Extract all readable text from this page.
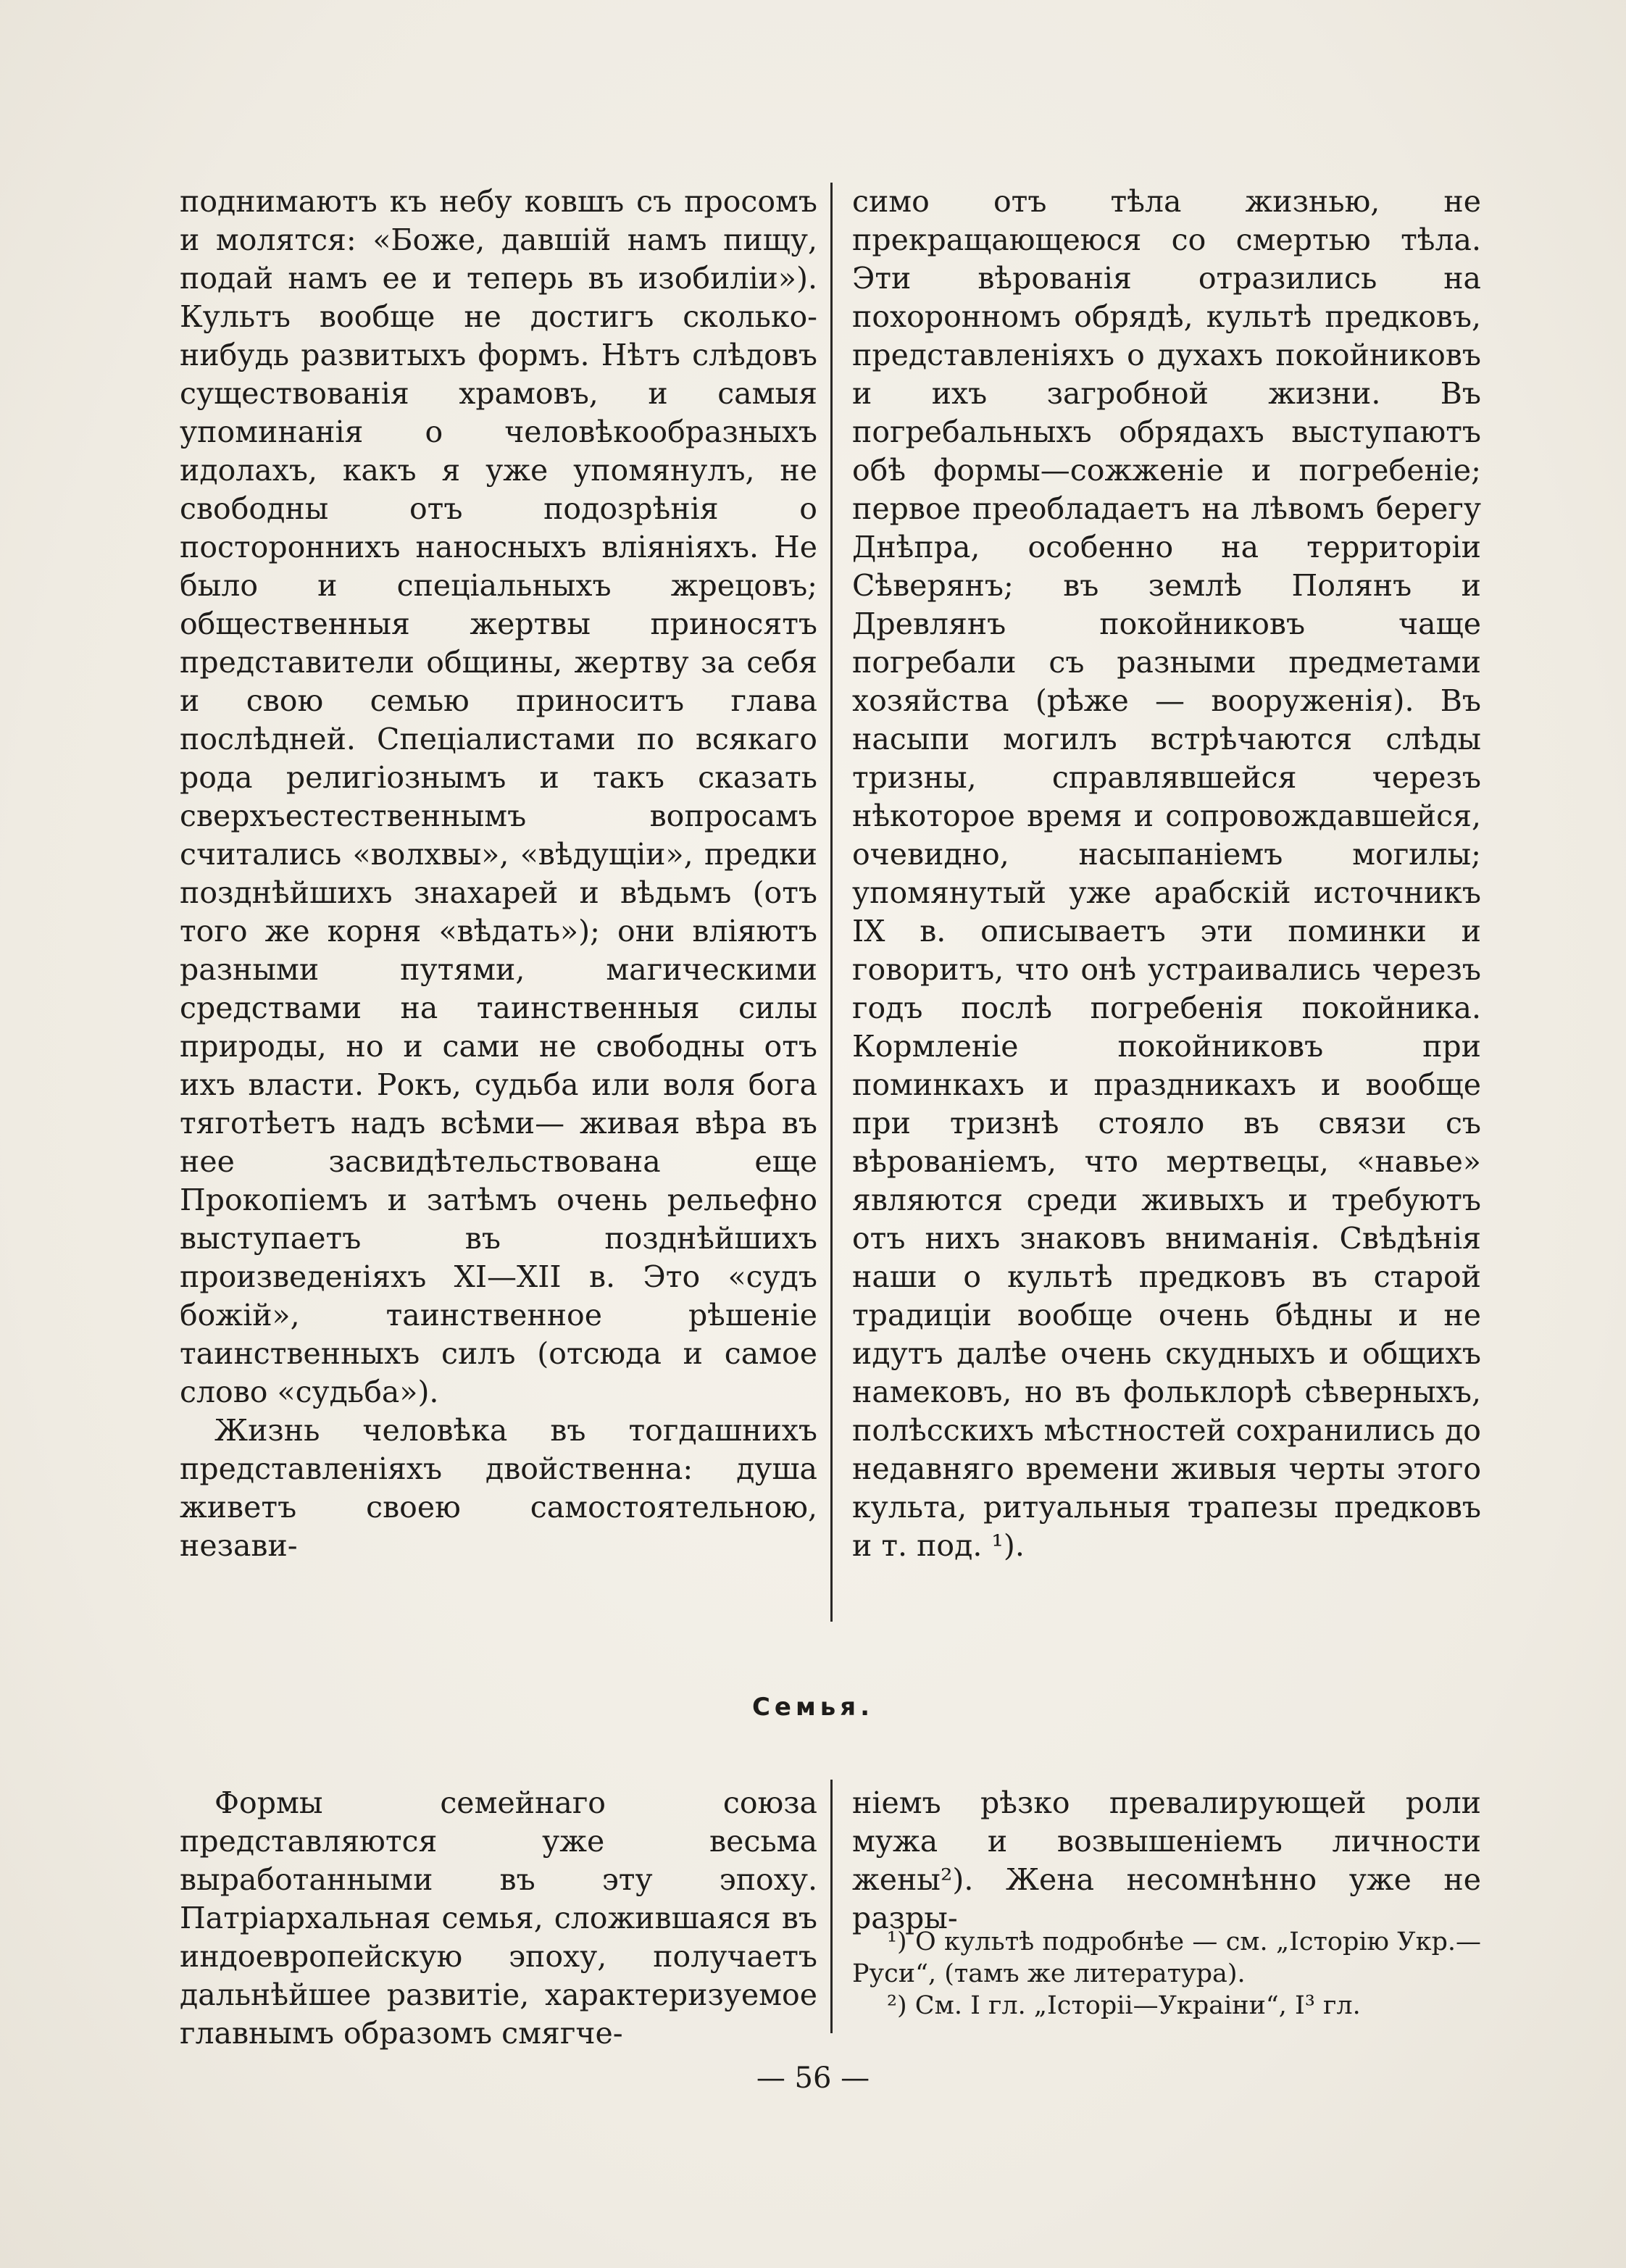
поднимаютъ къ небу ковшъ съ просомъ и молятся: «Боже, давшій намъ пищу, подай намъ ее и теперь въ изобиліи»). Культъ вообще не достигъ сколько-нибудь развитыхъ формъ. Нѣтъ слѣдовъ существованія храмовъ, и самыя упоминанія о человѣкообразныхъ идолахъ, какъ я уже упомянулъ, не свободны отъ подозрѣнія о постороннихъ наносныхъ вліяніяхъ. Не было и спеціальныхъ жрецовъ; общественныя жертвы приносятъ представители общины, жертву за себя и свою семью приноситъ глава послѣдней. Спеціалистами по всякаго рода религіознымъ и такъ сказать сверхъестественнымъ вопросамъ считались «волхвы», «вѣдущіи», предки позднѣйшихъ знахарей и вѣдьмъ (отъ того же корня «вѣдать»); они вліяютъ разными путями, магическими средствами на таинственныя силы природы, но и сами не свободны отъ ихъ власти. Рокъ, судьба или воля бога тяготѣетъ надъ всѣми— живая вѣра въ нее засвидѣтельствована еще Прокопіемъ и затѣмъ очень рельефно выступаетъ въ позднѣйшихъ произведеніяхъ XI—XII в. Это «судъ божій», таинственное рѣшеніе таинственныхъ силъ (отсюда и самое слово «судьба»).

Жизнь человѣка въ тогдашнихъ представленіяхъ двойственна: душа живетъ своею самостоятельною, незави-

симо отъ тѣла жизнью, не прекращающеюся со смертью тѣла. Эти вѣрованія отразились на похоронномъ обрядѣ, культѣ предковъ, представленіяхъ о духахъ покойниковъ и ихъ загробной жизни. Въ погребальныхъ обрядахъ выступаютъ обѣ формы—сожженіе и погребеніе; первое преобладаетъ на лѣвомъ берегу Днѣпра, особенно на территоріи Сѣверянъ; въ землѣ Полянъ и Древлянъ покойниковъ чаще погребали съ разными предметами хозяйства (рѣже — вооруженія). Въ насыпи могилъ встрѣчаются слѣды тризны, справлявшейся черезъ нѣкоторое время и сопровождавшейся, очевидно, насыпаніемъ могилы; упомянутый уже арабскій источникъ IX в. описываетъ эти поминки и говоритъ, что онѣ устраивались черезъ годъ послѣ погребенія покойника. Кормленіе покойниковъ при поминкахъ и праздникахъ и вообще при тризнѣ стояло въ связи съ вѣрованіемъ, что мертвецы, «навье» являются среди живыхъ и требуютъ отъ нихъ знаковъ вниманія. Свѣдѣнія наши о культѣ предковъ въ старой традиціи вообще очень бѣдны и не идутъ далѣе очень скудныхъ и общихъ намековъ, но въ фольклорѣ сѣверныхъ, полѣсскихъ мѣстностей сохранились до недавняго времени живыя черты этого культа, ритуальныя трапезы предковъ и т. под. ¹).

Семья.

Формы семейнаго союза представляются уже весьма выработанными въ эту эпоху. Патріархальная семья, сложившаяся въ индоевропейскую эпоху, получаетъ дальнѣйшее развитіе, характеризуемое главнымъ образомъ смягче-

ніемъ рѣзко превалирующей роли мужа и возвышеніемъ личности жены²). Жена несомнѣнно уже не разры-

¹) О культѣ подробнѣе — см. „Історію Укр.—Руси“, (тамъ же литература).

²) См. І гл. „Історіі—Украіни“, І³ гл.

— 56 —
